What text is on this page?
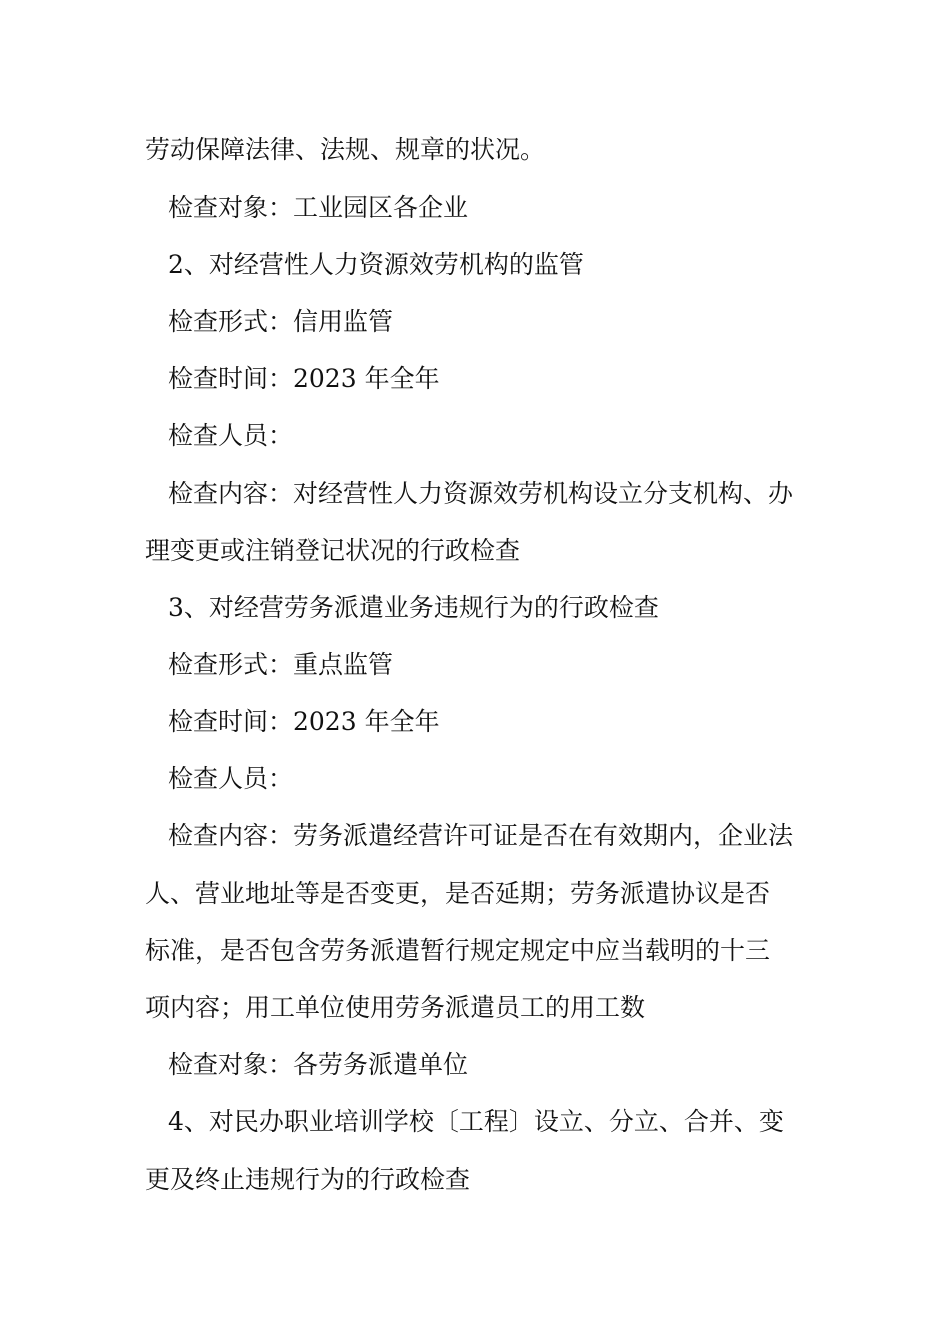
劳动保障法律、法规、规章的状况。
检查对象：工业园区各企业
2、对经营性人力资源效劳机构的监管
检查形式：信用监管
检查时间：2023 年全年
检查人员：
检查内容：对经营性人力资源效劳机构设立分支机构、办
理变更或注销登记状况的行政检查
3、对经营劳务派遣业务违规行为的行政检查
检查形式：重点监管
检查时间：2023 年全年
检查人员：
检查内容：劳务派遣经营许可证是否在有效期内，企业法
人、营业地址等是否变更，是否延期；劳务派遣协议是否
标准，是否包含劳务派遣暂行规定规定中应当载明的十三
项内容；用工单位使用劳务派遣员工的用工数
检查对象：各劳务派遣单位
4、对民办职业培训学校〔工程〕设立、分立、合并、变
更及终止违规行为的行政检查
